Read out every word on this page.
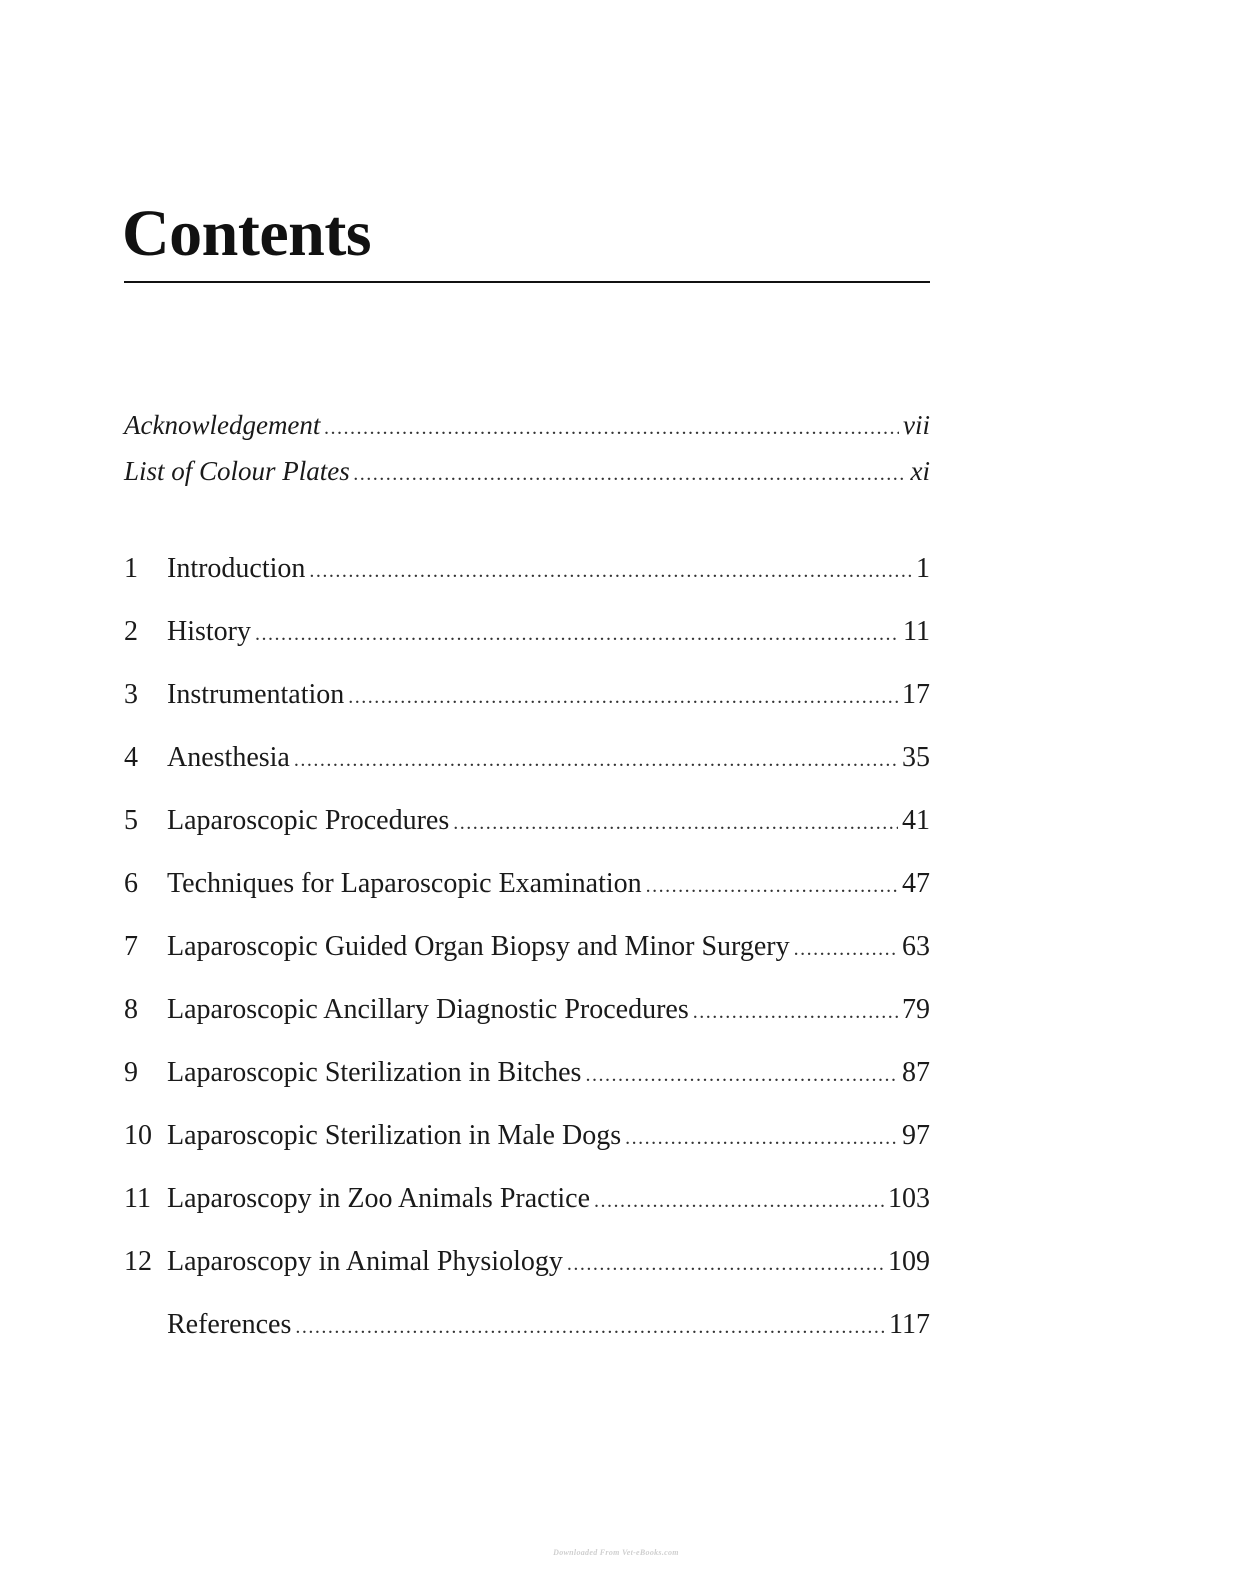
Contents
Acknowledgement .....	vii
List of Colour Plates .....	xi
1	Introduction .....	1
2	History .....	11
3	Instrumentation .....	17
4	Anesthesia .....	35
5	Laparoscopic Procedures .....	41
6	Techniques for Laparoscopic Examination .....	47
7	Laparoscopic Guided Organ Biopsy and Minor Surgery .....	63
8	Laparoscopic Ancillary Diagnostic Procedures .....	79
9	Laparoscopic Sterilization in Bitches .....	87
10 Laparoscopic Sterilization in Male Dogs .....	97
11 Laparoscopy in Zoo Animals Practice .....	103
12 Laparoscopy in Animal Physiology .....	109
References .....	117
Downloaded From Vet-eBooks.com
